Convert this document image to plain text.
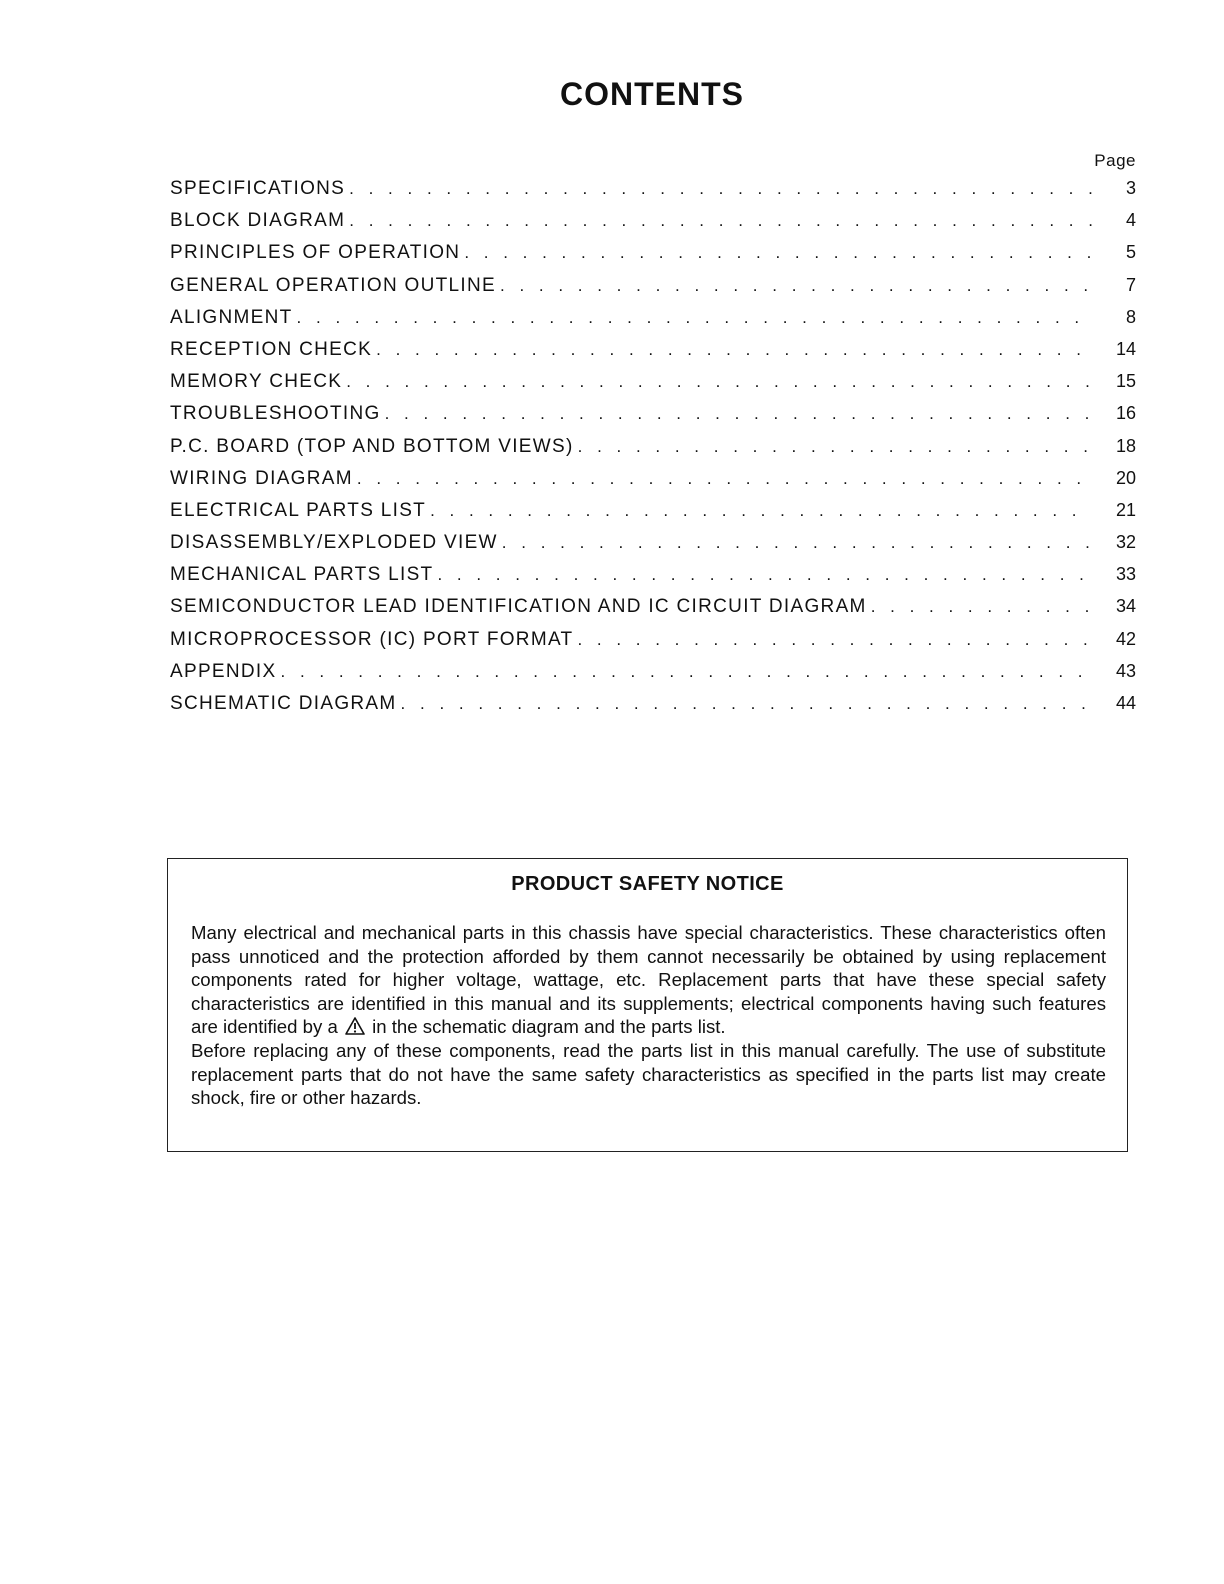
CONTENTS
Page
SPECIFICATIONS . . .	3
BLOCK DIAGRAM . . .	4
PRINCIPLES OF OPERATION . . .	5
GENERAL OPERATION OUTLINE . . .	7
ALIGNMENT . . .	8
RECEPTION CHECK . . .	14
MEMORY CHECK . . .	15
TROUBLESHOOTING . . .	16
P.C. BOARD (TOP AND BOTTOM VIEWS) . . .	18
WIRING DIAGRAM . . .	20
ELECTRICAL PARTS LIST . . .	21
DISASSEMBLY/EXPLODED VIEW . . .	32
MECHANICAL PARTS LIST . . .	33
SEMICONDUCTOR LEAD IDENTIFICATION AND IC CIRCUIT DIAGRAM . . .	34
MICROPROCESSOR (IC) PORT FORMAT . . .	42
APPENDIX . . .	43
SCHEMATIC DIAGRAM . . .	44
PRODUCT SAFETY NOTICE

Many electrical and mechanical parts in this chassis have special characteristics. These characteristics often pass unnoticed and the protection afforded by them cannot necessarily be obtained by using replacement components rated for higher voltage, wattage, etc. Replacement parts that have these special safety characteristics are identified in this manual and its supplements; electrical components having such features are identified by a in the schematic diagram and the parts list.

Before replacing any of these components, read the parts list in this manual carefully. The use of substitute replacement parts that do not have the same safety characteristics as specified in the parts list may create shock, fire or other hazards.
